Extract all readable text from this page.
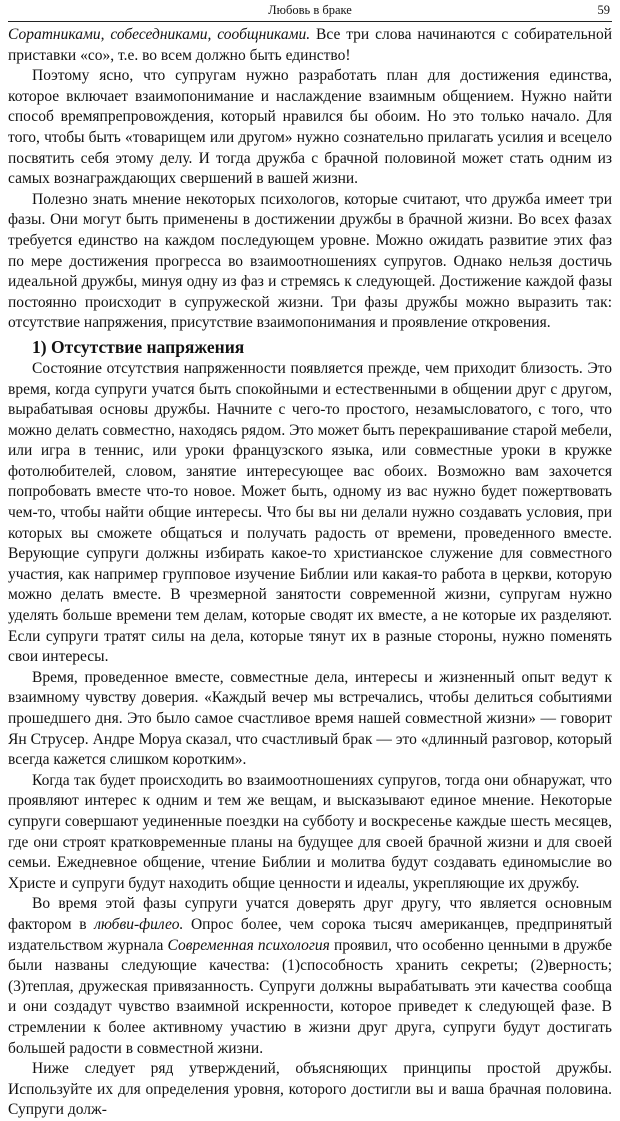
Любовь в браке	59

Соратниками, собеседниками, сообщниками. Все три слова начинаются с собирательной приставки «со», т.е. во всем должно быть единство!

Поэтому ясно, что супругам нужно разработать план для достижения единства, которое включает взаимопонимание и наслаждение взаимным общением. Нужно найти способ времяпрепровождения, который нравился бы обоим. Но это только начало. Для того, чтобы быть «товарищем или другом» нужно сознательно прилагать усилия и всецело посвятить себя этому делу. И тогда дружба с брачной половиной может стать одним из самых вознаграждающих свершений в вашей жизни.

Полезно знать мнение некоторых психологов, которые считают, что дружба имеет три фазы. Они могут быть применены в достижении дружбы в брачной жизни. Во всех фазах требуется единство на каждом последующем уровне. Можно ожидать развитие этих фаз по мере достижения прогресса во взаимоотношениях супругов. Однако нельзя достичь идеальной дружбы, минуя одну из фаз и стремясь к следующей. Достижение каждой фазы постоянно происходит в супружеской жизни. Три фазы дружбы можно выразить так: отсутствие напряжения, присутствие взаимопонимания и проявление откровения.

1) Отсутствие напряжения

Состояние отсутствия напряженности появляется прежде, чем приходит близость. Это время, когда супруги учатся быть спокойными и естественными в общении друг с другом, вырабатывая основы дружбы. Начните с чего-то простого, незамысловатого, с того, что можно делать совместно, находясь рядом. Это может быть перекрашивание старой мебели, или игра в теннис, или уроки французского языка, или совместные уроки в кружке фотолюбителей, словом, занятие интересующее вас обоих. Возможно вам захочется попробовать вместе что-то новое. Может быть, одному из вас нужно будет пожертвовать чем-то, чтобы найти общие интересы. Что бы вы ни делали нужно создавать условия, при которых вы сможете общаться и получать радость от времени, проведенного вместе. Верующие супруги должны избирать какое-то христианское служение для совместного участия, как например групповое изучение Библии или какая-то работа в церкви, которую можно делать вместе. В чрезмерной занятости современной жизни, супругам нужно уделять больше времени тем делам, которые сводят их вместе, а не которые их разделяют. Если супруги тратят силы на дела, которые тянут их в разные стороны, нужно поменять свои интересы.

Время, проведенное вместе, совместные дела, интересы и жизненный опыт ведут к взаимному чувству доверия. «Каждый вечер мы встречались, чтобы делиться событиями прошедшего дня. Это было самое счастливое время нашей совместной жизни» — говорит Ян Струсер. Андре Моруа сказал, что счастливый брак — это «длинный разговор, который всегда кажется слишком коротким».

Когда так будет происходить во взаимоотношениях супругов, тогда они обнаружат, что проявляют интерес к одним и тем же вещам, и высказывают единое мнение. Некоторые супруги совершают уединенные поездки на субботу и воскресенье каждые шесть месяцев, где они строят кратковременные планы на будущее для своей брачной жизни и для своей семьи. Ежедневное общение, чтение Библии и молитва будут создавать единомыслие во Христе и супруги будут находить общие ценности и идеалы, укрепляющие их дружбу.

Во время этой фазы супруги учатся доверять друг другу, что является основным фактором в любви-филео. Опрос более, чем сорока тысяч американцев, предпринятый издательством журнала Современная психология проявил, что особенно ценными в дружбе были названы следующие качества: (1)способность хранить секреты; (2)верность; (3)теплая, дружеская привязанность. Супруги должны вырабатывать эти качества сообща и они создадут чувство взаимной искренности, которое приведет к следующей фазе. В стремлении к более активному участию в жизни друг друга, супруги будут достигать большей радости в совместной жизни.

Ниже следует ряд утверждений, объясняющих принципы простой дружбы. Используйте их для определения уровня, которого достигли вы и ваша брачная половина. Супруги долж-
